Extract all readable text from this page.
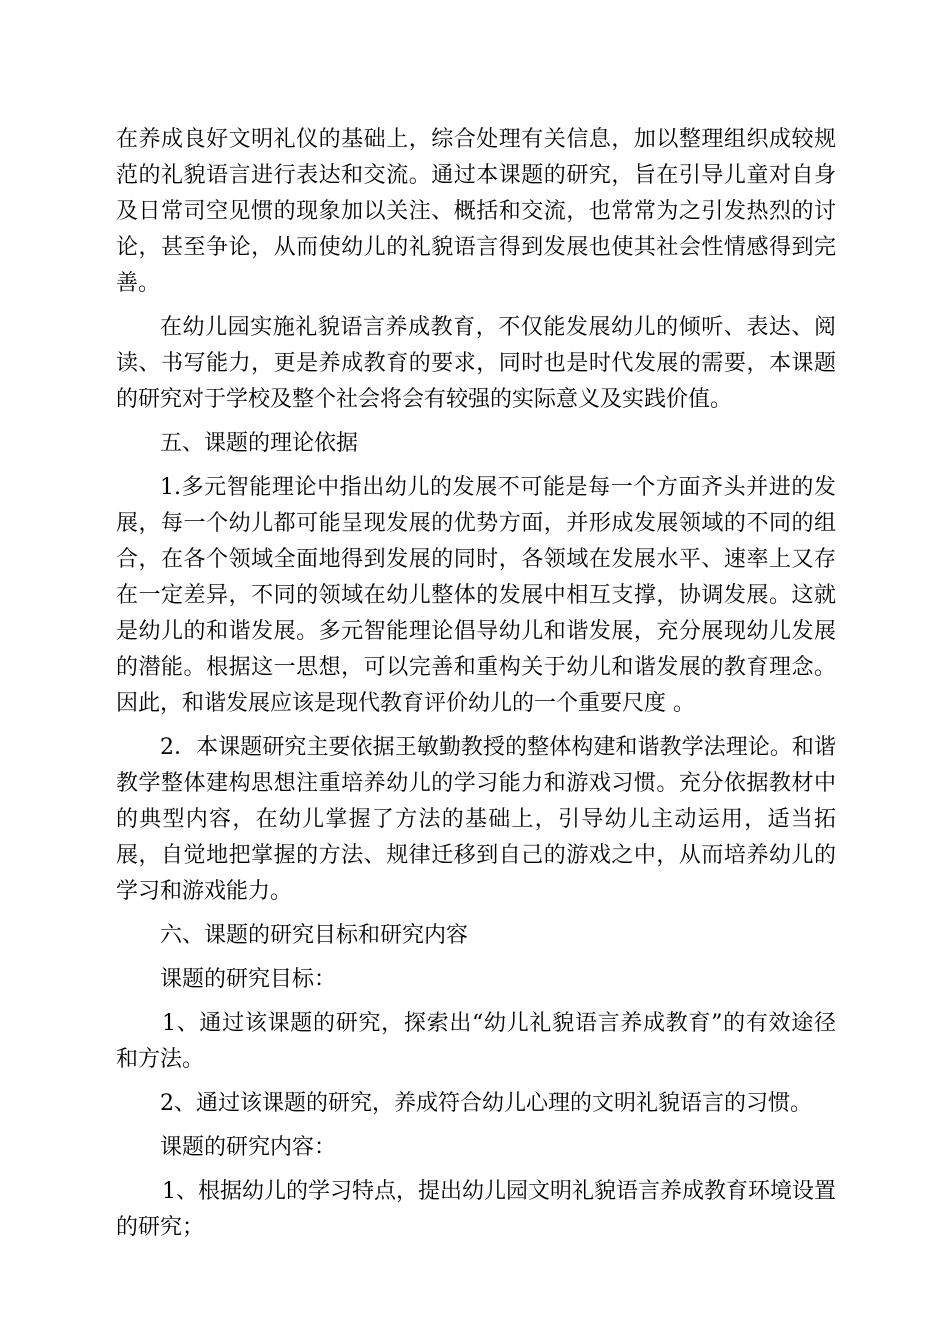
在养成良好文明礼仪的基础上，综合处理有关信息，加以整理组织成较规范的礼貌语言进行表达和交流。通过本课题的研究，旨在引导儿童对自身及日常司空见惯的现象加以关注、概括和交流，也常常为之引发热烈的讨论，甚至争论，从而使幼儿的礼貌语言得到发展也使其社会性情感得到完善。

在幼儿园实施礼貌语言养成教育，不仅能发展幼儿的倾听、表达、阅读、书写能力，更是养成教育的要求，同时也是时代发展的需要，本课题的研究对于学校及整个社会将会有较强的实际意义及实践价值。

五、课题的理论依据

1.多元智能理论中指出幼儿的发展不可能是每一个方面齐头并进的发展，每一个幼儿都可能呈现发展的优势方面，并形成发展领域的不同的组合，在各个领域全面地得到发展的同时，各领域在发展水平、速率上又存在一定差异，不同的领域在幼儿整体的发展中相互支撑，协调发展。这就是幼儿的和谐发展。多元智能理论倡导幼儿和谐发展，充分展现幼儿发展的潜能。根据这一思想，可以完善和重构关于幼儿和谐发展的教育理念。因此，和谐发展应该是现代教育评价幼儿的一个重要尺度 。

2．本课题研究主要依据王敏勤教授的整体构建和谐教学法理论。和谐教学整体建构思想注重培养幼儿的学习能力和游戏习惯。充分依据教材中的典型内容，在幼儿掌握了方法的基础上，引导幼儿主动运用，适当拓展，自觉地把掌握的方法、规律迁移到自己的游戏之中，从而培养幼儿的学习和游戏能力。

六、课题的研究目标和研究内容

课题的研究目标：

1、通过该课题的研究，探索出“幼儿礼貌语言养成教育”的有效途径和方法。

2、通过该课题的研究，养成符合幼儿心理的文明礼貌语言的习惯。

课题的研究内容：

1、根据幼儿的学习特点，提出幼儿园文明礼貌语言养成教育环境设置的研究；
